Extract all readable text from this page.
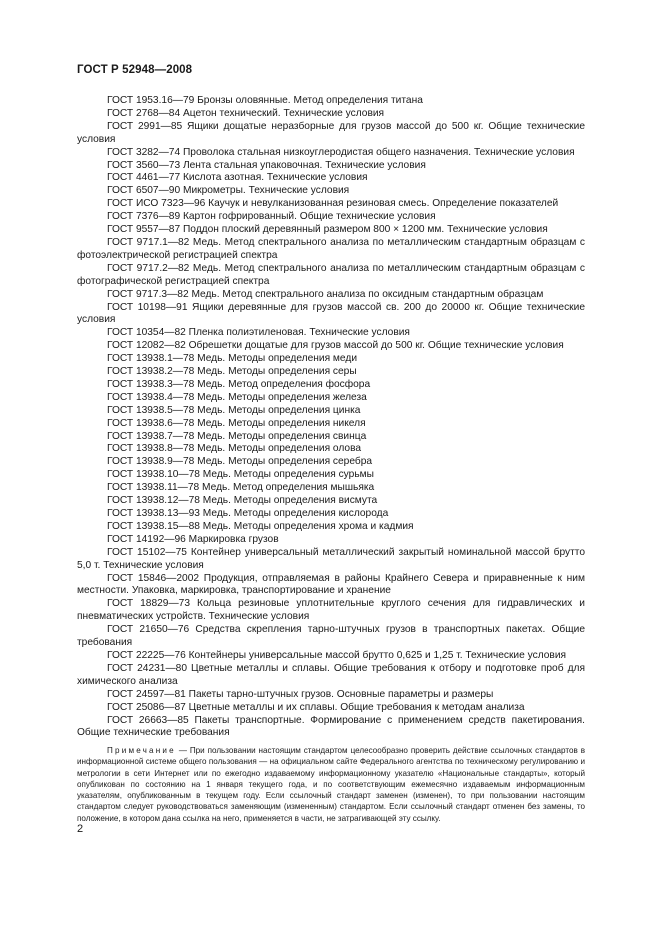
ГОСТ Р 52948—2008
ГОСТ 1953.16—79 Бронзы оловянные. Метод определения титана
ГОСТ 2768—84 Ацетон технический. Технические условия
ГОСТ 2991—85 Ящики дощатые неразборные для грузов массой до 500 кг. Общие технические условия
ГОСТ 3282—74 Проволока стальная низкоуглеродистая общего назначения. Технические условия
ГОСТ 3560—73 Лента стальная упаковочная. Технические условия
ГОСТ 4461—77 Кислота азотная. Технические условия
ГОСТ 6507—90 Микрометры. Технические условия
ГОСТ ИСО 7323—96 Каучук и невулканизованная резиновая смесь. Определение показателей
ГОСТ 7376—89 Картон гофрированный. Общие технические условия
ГОСТ 9557—87 Поддон плоский деревянный размером 800 × 1200 мм. Технические условия
ГОСТ 9717.1—82 Медь. Метод спектрального анализа по металлическим стандартным образцам с фотоэлектрической регистрацией спектра
ГОСТ 9717.2—82 Медь. Метод спектрального анализа по металлическим стандартным образцам с фотографической регистрацией спектра
ГОСТ 9717.3—82 Медь. Метод спектрального анализа по оксидным стандартным образцам
ГОСТ 10198—91 Ящики деревянные для грузов массой св. 200 до 20000 кг. Общие технические условия
ГОСТ 10354—82 Пленка полиэтиленовая. Технические условия
ГОСТ 12082—82 Обрешетки дощатые для грузов массой до 500 кг. Общие технические условия
ГОСТ 13938.1—78 Медь. Методы определения меди
ГОСТ 13938.2—78 Медь. Методы определения серы
ГОСТ 13938.3—78 Медь. Метод определения фосфора
ГОСТ 13938.4—78 Медь. Методы определения железа
ГОСТ 13938.5—78 Медь. Методы определения цинка
ГОСТ 13938.6—78 Медь. Методы определения никеля
ГОСТ 13938.7—78 Медь. Методы определения свинца
ГОСТ 13938.8—78 Медь. Методы определения олова
ГОСТ 13938.9—78 Медь. Методы определения серебра
ГОСТ 13938.10—78 Медь. Методы определения сурьмы
ГОСТ 13938.11—78 Медь. Метод определения мышьяка
ГОСТ 13938.12—78 Медь. Методы определения висмута
ГОСТ 13938.13—93 Медь. Методы определения кислорода
ГОСТ 13938.15—88 Медь. Методы определения хрома и кадмия
ГОСТ 14192—96 Маркировка грузов
ГОСТ 15102—75 Контейнер универсальный металлический закрытый номинальной массой брутто 5,0 т. Технические условия
ГОСТ 15846—2002 Продукция, отправляемая в районы Крайнего Севера и приравненные к ним местности. Упаковка, маркировка, транспортирование и хранение
ГОСТ 18829—73 Кольца резиновые уплотнительные круглого сечения для гидравлических и пневматических устройств. Технические условия
ГОСТ 21650—76 Средства скрепления тарно-штучных грузов в транспортных пакетах. Общие требования
ГОСТ 22225—76 Контейнеры универсальные массой брутто 0,625 и 1,25 т. Технические условия
ГОСТ 24231—80 Цветные металлы и сплавы. Общие требования к отбору и подготовке проб для химического анализа
ГОСТ 24597—81 Пакеты тарно-штучных грузов. Основные параметры и размеры
ГОСТ 25086—87 Цветные металлы и их сплавы. Общие требования к методам анализа
ГОСТ 26663—85 Пакеты транспортные. Формирование с применением средств пакетирования. Общие технические требования
Примечание — При пользовании настоящим стандартом целесообразно проверить действие ссылочных стандартов в информационной системе общего пользования — на официальном сайте Федерального агентства по техническому регулированию и метрологии в сети Интернет или по ежегодно издаваемому информационному указателю «Национальные стандарты», который опубликован по состоянию на 1 января текущего года, и по соответствующим ежемесячно издаваемым информационным указателям, опубликованным в текущем году. Если ссылочный стандарт заменен (изменен), то при пользовании настоящим стандартом следует руководствоваться заменяющим (измененным) стандартом. Если ссылочный стандарт отменен без замены, то положение, в котором дана ссылка на него, применяется в части, не затрагивающей эту ссылку.
2
